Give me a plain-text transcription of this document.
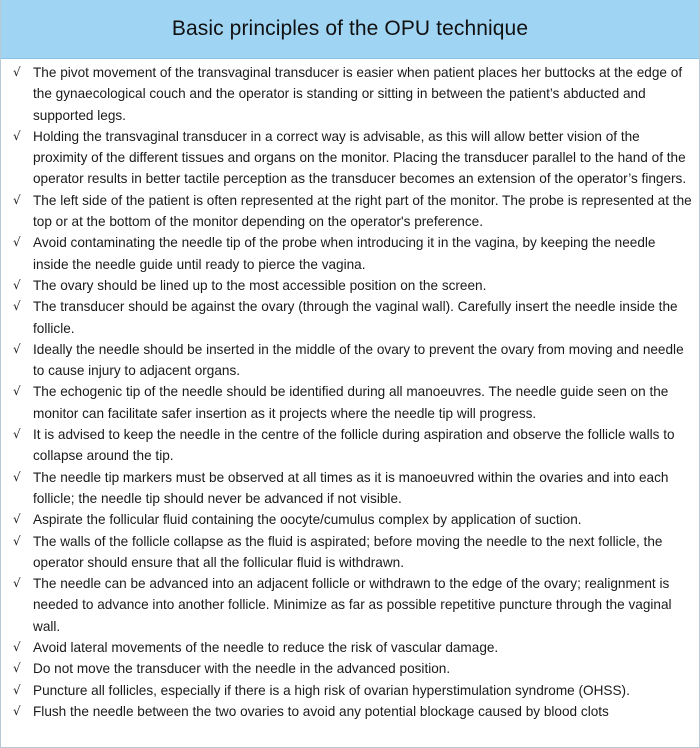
Basic principles of the OPU technique
√ The pivot movement of the transvaginal transducer is easier when patient places her buttocks at the edge of the gynaecological couch and the operator is standing or sitting in between the patient’s abducted and supported legs.
√ Holding the transvaginal transducer in a correct way is advisable, as this will allow better vision of the proximity of the different tissues and organs on the monitor. Placing the transducer parallel to the hand of the operator results in better tactile perception as the transducer becomes an extension of the operator’s fingers.
√ The left side of the patient is often represented at the right part of the monitor. The probe is represented at the top or at the bottom of the monitor depending on the operator's preference.
√ Avoid contaminating the needle tip of the probe when introducing it in the vagina, by keeping the needle inside the needle guide until ready to pierce the vagina.
√ The ovary should be lined up to the most accessible position on the screen.
√ The transducer should be against the ovary (through the vaginal wall). Carefully insert the needle inside the follicle.
√ Ideally the needle should be inserted in the middle of the ovary to prevent the ovary from moving and needle to cause injury to adjacent organs.
√ The echogenic tip of the needle should be identified during all manoeuvres. The needle guide seen on the monitor can facilitate safer insertion as it projects where the needle tip will progress.
√ It is advised to keep the needle in the centre of the follicle during aspiration and observe the follicle walls to collapse around the tip.
√ The needle tip markers must be observed at all times as it is manoeuvred within the ovaries and into each follicle; the needle tip should never be advanced if not visible.
√ Aspirate the follicular fluid containing the oocyte/cumulus complex by application of suction.
√ The walls of the follicle collapse as the fluid is aspirated; before moving the needle to the next follicle, the operator should ensure that all the follicular fluid is withdrawn.
√ The needle can be advanced into an adjacent follicle or withdrawn to the edge of the ovary; realignment is needed to advance into another follicle. Minimize as far as possible repetitive puncture through the vaginal wall.
√ Avoid lateral movements of the needle to reduce the risk of vascular damage.
√ Do not move the transducer with the needle in the advanced position.
√ Puncture all follicles, especially if there is a high risk of ovarian hyperstimulation syndrome (OHSS).
√ Flush the needle between the two ovaries to avoid any potential blockage caused by blood clots
